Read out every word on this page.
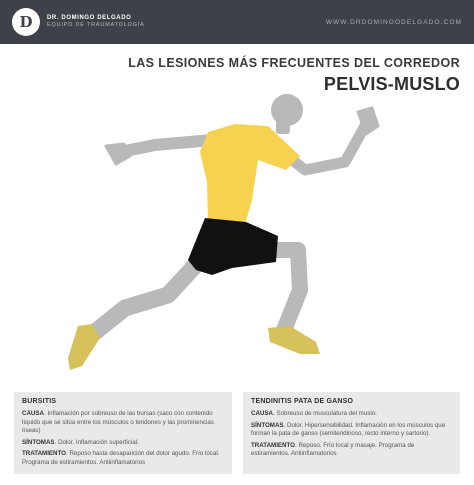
D	DR. DOMINGO DELGADO
EQUIPO DE TRAUMATOLOGÍA	WWW.DRDOMINGODELGADO.COM
LAS LESIONES MÁS FRECUENTES DEL CORREDOR
PELVIS-MUSLO
BURSITIS
CAUSA. Inflamación por sobreuso de las bursas (saco con contenido líquido que se sitúa entre los músculos o tendones y las prominencias óseas)
SÍNTOMAS. Dolor. Inflamación superficial.
TRATAMIENTO. Reposo hasta desaparición del dolor agudo. Frío local. Programa de estiramientos. Antiinflamatorios
TENDINITIS PATA DE GANSO
CAUSA. Sobreuso de musculatura del muslo.
SÍNTOMAS. Dolor. Hipersensibilidad. Inflamación en los músculos que forman la pata de ganso (semitendinoso, recto interno y sartorio).
TRATAMIENTO. Reposo. Frío local y masaje. Programa de estiramientos. Antiinflamatorios
